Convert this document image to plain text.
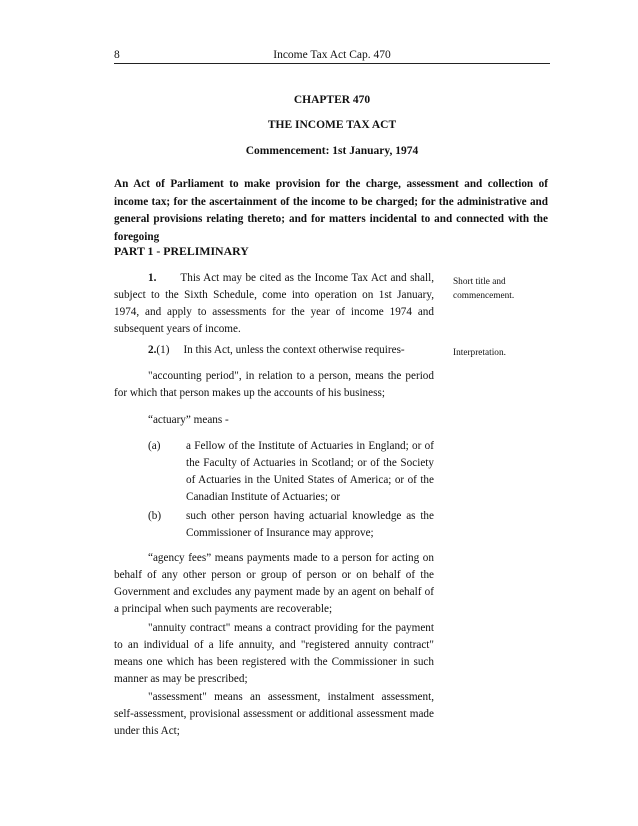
8	Income Tax Act Cap. 470
CHAPTER 470
THE INCOME TAX ACT
Commencement: 1st January, 1974
An Act of Parliament to make provision for the charge, assessment and collection of income tax; for the ascertainment of the income to be charged; for the administrative and general provisions relating thereto; and for matters incidental to and connected with the foregoing
PART 1 - PRELIMINARY
1. This Act may be cited as the Income Tax Act and shall, subject to the Sixth Schedule, come into operation on 1st January, 1974, and apply to assessments for the year of income 1974 and subsequent years of income.
Short title and commencement.
2.(1) In this Act, unless the context otherwise requires-	Interpretation.
"accounting period", in relation to a person, means the period for which that person makes up the accounts of his business;
“actuary” means -
(a) a Fellow of the Institute of Actuaries in England; or of the Faculty of Actuaries in Scotland; or of the Society of Actuaries in the United States of America; or of the Canadian Institute of Actuaries; or
(b) such other person having actuarial knowledge as the Commissioner of Insurance may approve;
“agency fees” means payments made to a person for acting on behalf of any other person or group of person or on behalf of the Government and excludes any payment made by an agent on behalf of a principal when such payments are recoverable;
"annuity contract" means a contract providing for the payment to an individual of a life annuity, and "registered annuity contract" means one which has been registered with the Commissioner in such manner as may be prescribed;
"assessment" means an assessment, instalment assessment, self-assessment, provisional assessment or additional assessment made under this Act;
